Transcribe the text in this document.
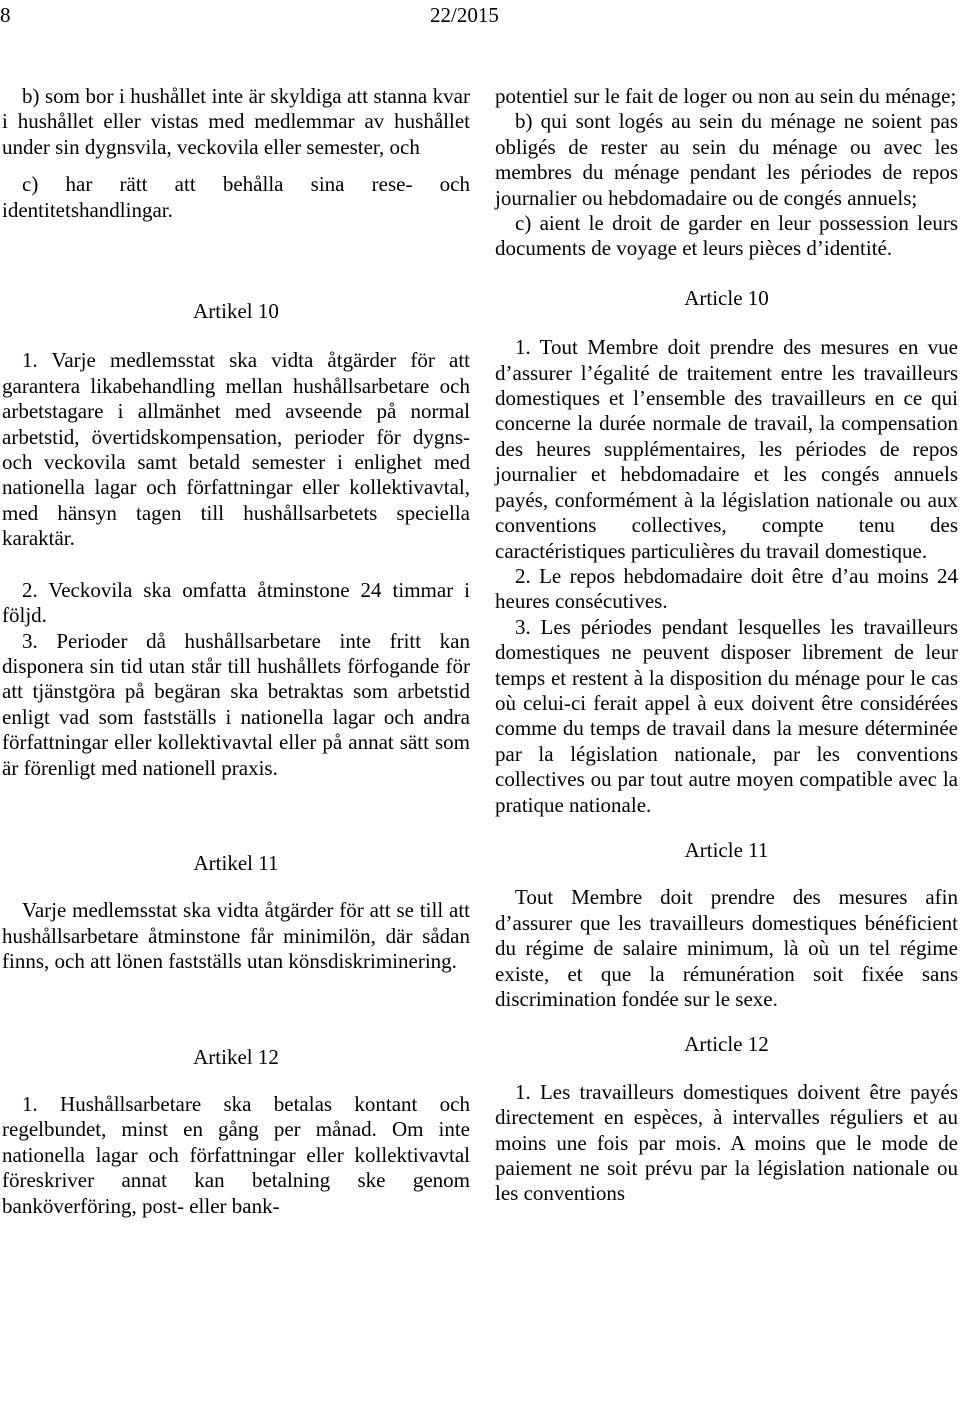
8	22/2015

b) som bor i hushållet inte är skyldiga att stanna kvar i hushållet eller vistas med medlemmar av hushållet under sin dygnsvila, veckovila eller semester, och

c) har rätt att behålla sina rese- och identitetshandlingar.

Artikel 10

1. Varje medlemsstat ska vidta åtgärder för att garantera likabehandling mellan hushållsarbetare och arbetstagare i allmänhet med avseende på normal arbetstid, övertidskompensation, perioder för dygns- och veckovila samt betald semester i enlighet med nationella lagar och författningar eller kollektivavtal, med hänsyn tagen till hushållsarbetets speciella karaktär.

2. Veckovila ska omfatta åtminstone 24 timmar i följd.

3. Perioder då hushållsarbetare inte fritt kan disponera sin tid utan står till hushållets förfogande för att tjänstgöra på begäran ska betraktas som arbetstid enligt vad som fastställs i nationella lagar och andra författningar eller kollektivavtal eller på annat sätt som är förenligt med nationell praxis.

Artikel 11

Varje medlemsstat ska vidta åtgärder för att se till att hushållsarbetare åtminstone får minimilön, där sådan finns, och att lönen fastställs utan könsdiskriminering.

Artikel 12

1. Hushållsarbetare ska betalas kontant och regelbundet, minst en gång per månad. Om inte nationella lagar och författningar eller kollektivavtal föreskriver annat kan betalning ske genom banköverföring, post- eller bank-

potentiel sur le fait de loger ou non au sein du ménage;

b) qui sont logés au sein du ménage ne soient pas obligés de rester au sein du ménage ou avec les membres du ménage pendant les périodes de repos journalier ou hebdomadaire ou de congés annuels;

c) aient le droit de garder en leur possession leurs documents de voyage et leurs pièces d’identité.

Article 10

1. Tout Membre doit prendre des mesures en vue d’assurer l’égalité de traitement entre les travailleurs domestiques et l’ensemble des travailleurs en ce qui concerne la durée normale de travail, la compensation des heures supplémentaires, les périodes de repos journalier et hebdomadaire et les congés annuels payés, conformément à la législation nationale ou aux conventions collectives, compte tenu des caractéristiques particulières du travail domestique.

2. Le repos hebdomadaire doit être d’au moins 24 heures consécutives.

3. Les périodes pendant lesquelles les travailleurs domestiques ne peuvent disposer librement de leur temps et restent à la disposition du ménage pour le cas où celui-ci ferait appel à eux doivent être considérées comme du temps de travail dans la mesure déterminée par la législation nationale, par les conventions collectives ou par tout autre moyen compatible avec la pratique nationale.

Article 11

Tout Membre doit prendre des mesures afin d’assurer que les travailleurs domestiques bénéficient du régime de salaire minimum, là où un tel régime existe, et que la rémunération soit fixée sans discrimination fondée sur le sexe.

Article 12

1. Les travailleurs domestiques doivent être payés directement en espèces, à intervalles réguliers et au moins une fois par mois. A moins que le mode de paiement ne soit prévu par la législation nationale ou les conventions
